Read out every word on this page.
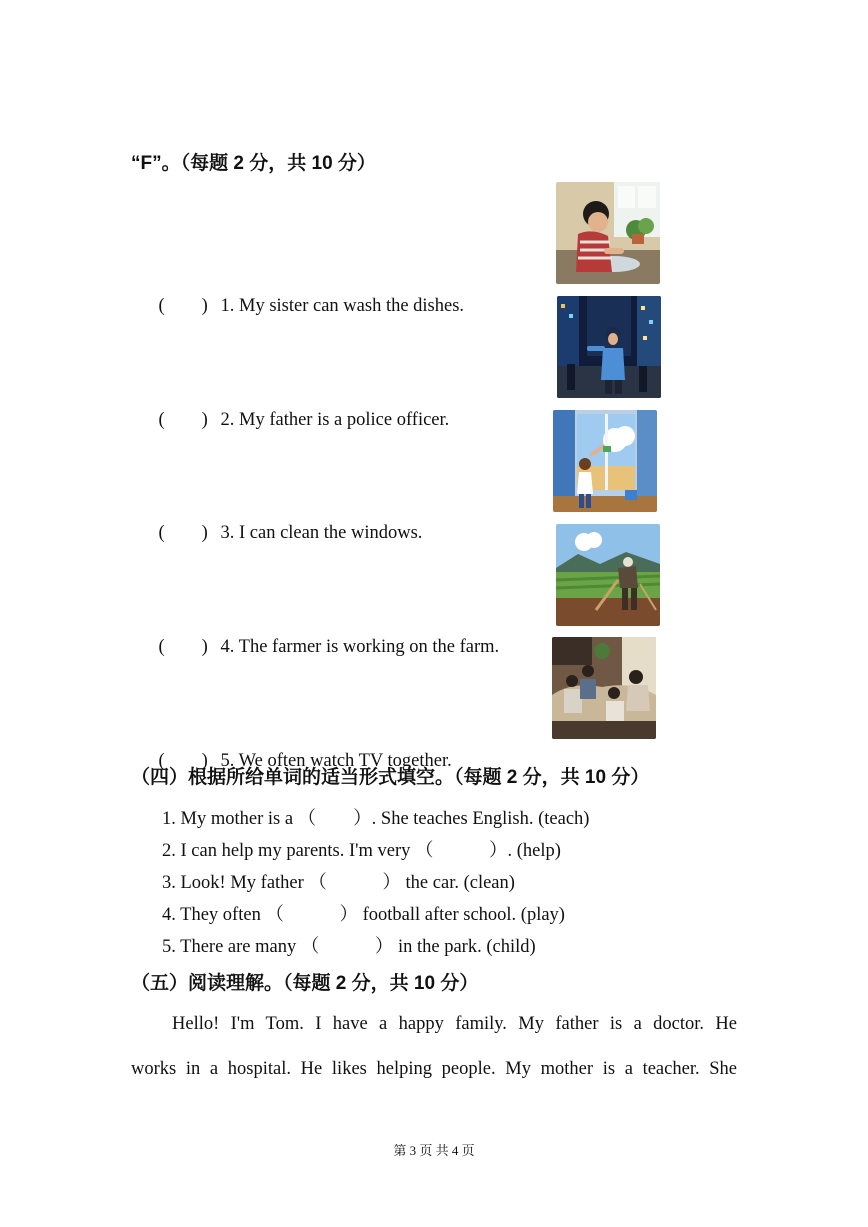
“F”。（每题 2 分，共 10 分）

(　　) 1. My sister can wash the dishes.

(　　) 2. My father is a police officer.

(　　) 3. I can clean the windows.

(　　) 4. The farmer is working on the farm.

(　　) 5. We often watch TV together.

（四）根据所给单词的适当形式填空。（每题 2 分，共 10 分）
1. My mother is a （　　）. She teaches English. (teach)
2. I can help my parents. I'm very （　　　）. (help)
3. Look! My father （　　　） the car. (clean)
4. They often （　　　） football after school. (play)
5. There are many （　　　） in the park. (child)
（五）阅读理解。（每题 2 分，共 10 分）
Hello! I'm Tom. I have a happy family. My father is a doctor. He
works in a hospital. He likes helping people. My mother is a teacher. She
第 3 页 共 4 页
